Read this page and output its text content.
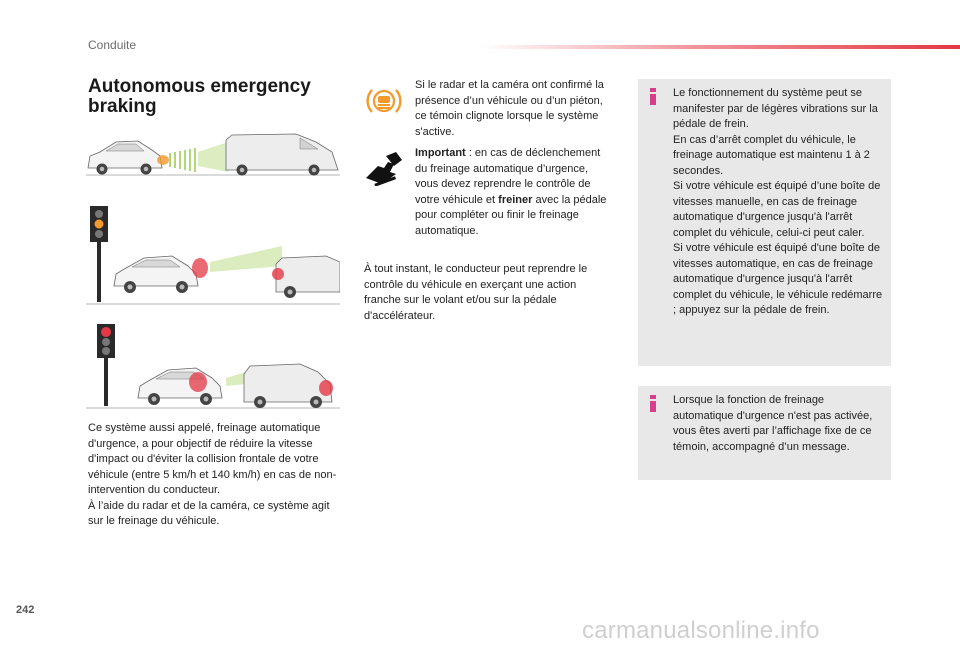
Conduite
Autonomous emergency braking

Ce système aussi appelé, freinage automatique d'urgence, a pour objectif de réduire la vitesse d'impact ou d'éviter la collision frontale de votre véhicule (entre 5 km/h et 140 km/h) en cas de non-intervention du conducteur.

À l’aide du radar et de la caméra, ce système agit sur le freinage du véhicule.

Si le radar et la caméra ont confirmé la présence d’un véhicule ou d’un piéton, ce témoin clignote lorsque le système s'active.

Important : en cas de déclenchement du freinage automatique d’urgence, vous devez reprendre le contrôle de votre véhicule et freiner avec la pédale pour compléter ou finir le freinage automatique.

À tout instant, le conducteur peut reprendre le contrôle du véhicule en exerçant une action franche sur le volant et/ou sur la pédale d'accélérateur.

Le fonctionnement du système peut se manifester par de légères vibrations sur la pédale de frein.

En cas d’arrêt complet du véhicule, le freinage automatique est maintenu 1 à 2 secondes.

Si votre véhicule est équipé d’une boîte de vitesses manuelle, en cas de freinage automatique d'urgence jusqu'à l'arrêt complet du véhicule, celui-ci peut caler.

Si votre véhicule est équipé d'une boîte de vitesses automatique, en cas de freinage automatique d'urgence jusqu'à l'arrêt complet du véhicule, le véhicule redémarre ; appuyez sur la pédale de frein.

Lorsque la fonction de freinage automatique d'urgence n'est pas activée, vous êtes averti par l’affichage fixe de ce témoin, accompagné d’un message.

242
carmanualsonline.info
